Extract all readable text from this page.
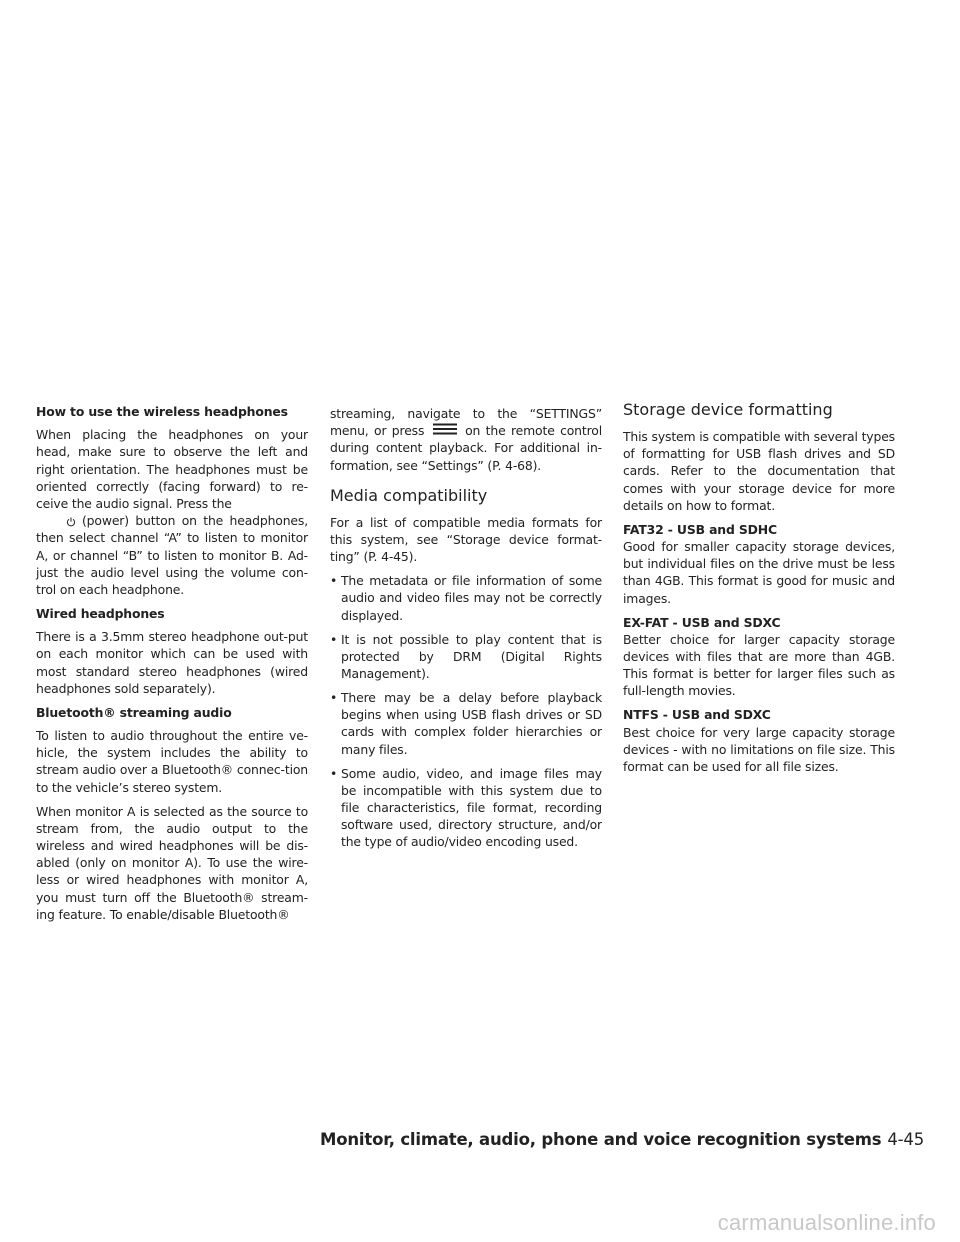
How to use the wireless headphones

When placing the headphones on your head, make sure to observe the left and right orientation. The headphones must be oriented correctly (facing forward) to re-ceive the audio signal. Press the
(power) button on the headphones, then select channel “A” to listen to monitor A, or channel “B” to listen to monitor B. Ad-just the audio level using the volume con-trol on each headphone.

Wired headphones

There is a 3.5mm stereo headphone out-put on each monitor which can be used with most standard stereo headphones (wired headphones sold separately).

Bluetooth® streaming audio

To listen to audio throughout the entire ve-hicle, the system includes the ability to stream audio over a Bluetooth® connec-tion to the vehicle’s stereo system.

When monitor A is selected as the source to stream from, the audio output to the wireless and wired headphones will be dis-abled (only on monitor A). To use the wire-less or wired headphones with monitor A, you must turn off the Bluetooth® stream-ing feature. To enable/disable Bluetooth®

streaming, navigate to the “SETTINGS” menu, or press	on the remote control during content playback. For additional in-formation, see “Settings” (P. 4-68).

Media compatibility

For a list of compatible media formats for this system, see “Storage device format-ting” (P. 4-45).

• The metadata or file information of some audio and video files may not be correctly displayed.
• It is not possible to play content that is protected by DRM (Digital Rights Management).
• There may be a delay before playback begins when using USB flash drives or SD cards with complex folder hierarchies or many files.
• Some audio, video, and image files may be incompatible with this system due to file characteristics, file format, recording software used, directory structure, and/or the type of audio/video encoding used.
Storage device formatting

This system is compatible with several types of formatting for USB flash drives and SD cards. Refer to the documentation that comes with your storage device for more details on how to format.

FAT32 - USB and SDHC

Good for smaller capacity storage devices, but individual files on the drive must be less than 4GB. This format is good for music and images.

EX-FAT - USB and SDXC

Better choice for larger capacity storage devices with files that are more than 4GB. This format is better for larger files such as full-length movies.

NTFS - USB and SDXC

Best choice for very large capacity storage devices - with no limitations on file size. This format can be used for all file sizes.

Monitor, climate, audio, phone and voice recognition systems 4-45
carmanualsonline.info
